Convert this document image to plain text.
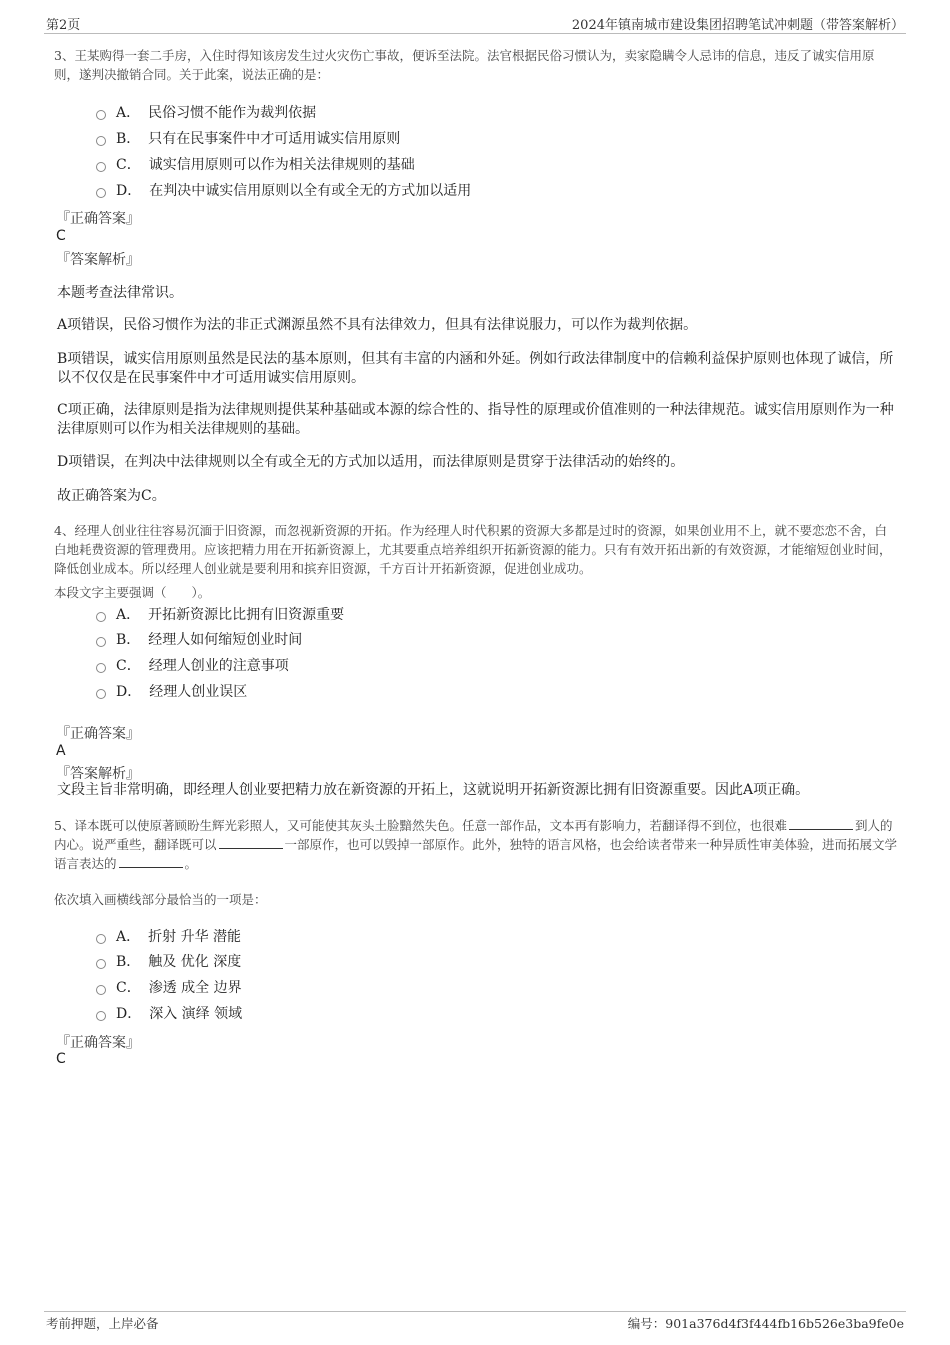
第2页	2024年镇南城市建设集团招聘笔试冲刺题（带答案解析）
3、王某购得一套二手房，入住时得知该房发生过火灾伤亡事故，便诉至法院。法官根据民俗习惯认为，卖家隐瞒令人忌讳的信息，违反了诚实信用原则，遂判决撤销合同。关于此案，说法正确的是：
A． 民俗习惯不能作为裁判依据
B． 只有在民事案件中才可适用诚实信用原则
C． 诚实信用原则可以作为相关法律规则的基础
D． 在判决中诚实信用原则以全有或全无的方式加以适用
『正确答案』
C
『答案解析』
本题考查法律常识。
A项错误，民俗习惯作为法的非正式渊源虽然不具有法律效力，但具有法律说服力，可以作为裁判依据。
B项错误，诚实信用原则虽然是民法的基本原则，但其有丰富的内涵和外延。例如行政法律制度中的信赖利益保护原则也体现了诚信，所以不仅仅是在民事案件中才可适用诚实信用原则。
C项正确，法律原则是指为法律规则提供某种基础或本源的综合性的、指导性的原理或价值准则的一种法律规范。诚实信用原则作为一种法律原则可以作为相关法律规则的基础。
D项错误，在判决中法律规则以全有或全无的方式加以适用，而法律原则是贯穿于法律活动的始终的。
故正确答案为C。
4、经理人创业往往容易沉湎于旧资源，而忽视新资源的开拓。作为经理人时代积累的资源大多都是过时的资源，如果创业用不上，就不要恋恋不舍，白白地耗费资源的管理费用。应该把精力用在开拓新资源上，尤其要重点培养组织开拓新资源的能力。只有有效开拓出新的有效资源，才能缩短创业时间，降低创业成本。所以经理人创业就是要利用和摈弃旧资源，千方百计开拓新资源，促进创业成功。
本段文字主要强调（　　）。
A． 开拓新资源比比拥有旧资源重要
B． 经理人如何缩短创业时间
C． 经理人创业的注意事项
D． 经理人创业误区
『正确答案』
A
『答案解析』
文段主旨非常明确，即经理人创业要把精力放在新资源的开拓上，这就说明开拓新资源比拥有旧资源重要。因此A项正确。
5、译本既可以使原著顾盼生辉光彩照人，又可能使其灰头土脸黯然失色。任意一部作品，文本再有影响力，若翻译得不到位，也很难	到人的内心。说严重些，翻译既可以	一部原作，也可以毁掉一部原作。此外，独特的语言风格，也会给读者带来一种异质性审美体验，进而拓展文学语言表达的	。
依次填入画横线部分最恰当的一项是：
A． 折射 升华 潜能
B． 触及 优化 深度
C． 渗透 成全 边界
D． 深入 演绎 领域
『正确答案』
C
考前押题，上岸必备	编号：901a376d4f3f444fb16b526e3ba9fe0e
